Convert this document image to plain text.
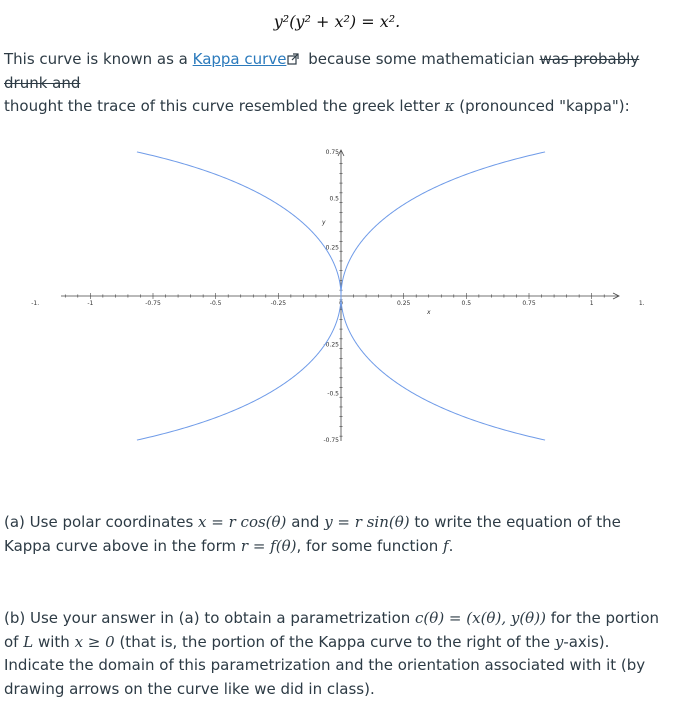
y²(y² + x²) = x².
This curve is known as a Kappa curve because some mathematician was probably drunk and
thought the trace of this curve resembled the greek letter κ (pronounced "kappa"):
-1.	-1	-0.75	-0.5	-0.25	0	0.25	0.5	0.75	1	1.
0.75
0.5
0.25
-0.25
-0.5
-0.75
x
y
(a) Use polar coordinates x = r cos(θ) and y = r sin(θ) to write the equation of the Kappa curve above in the form r = f(θ), for some function f.
(b) Use your answer in (a) to obtain a parametrization c(θ) = (x(θ), y(θ)) for the portion of L with x ≥ 0 (that is, the portion of the Kappa curve to the right of the y-axis). Indicate the domain of this parametrization and the orientation associated with it (by drawing arrows on the curve like we did in class).
